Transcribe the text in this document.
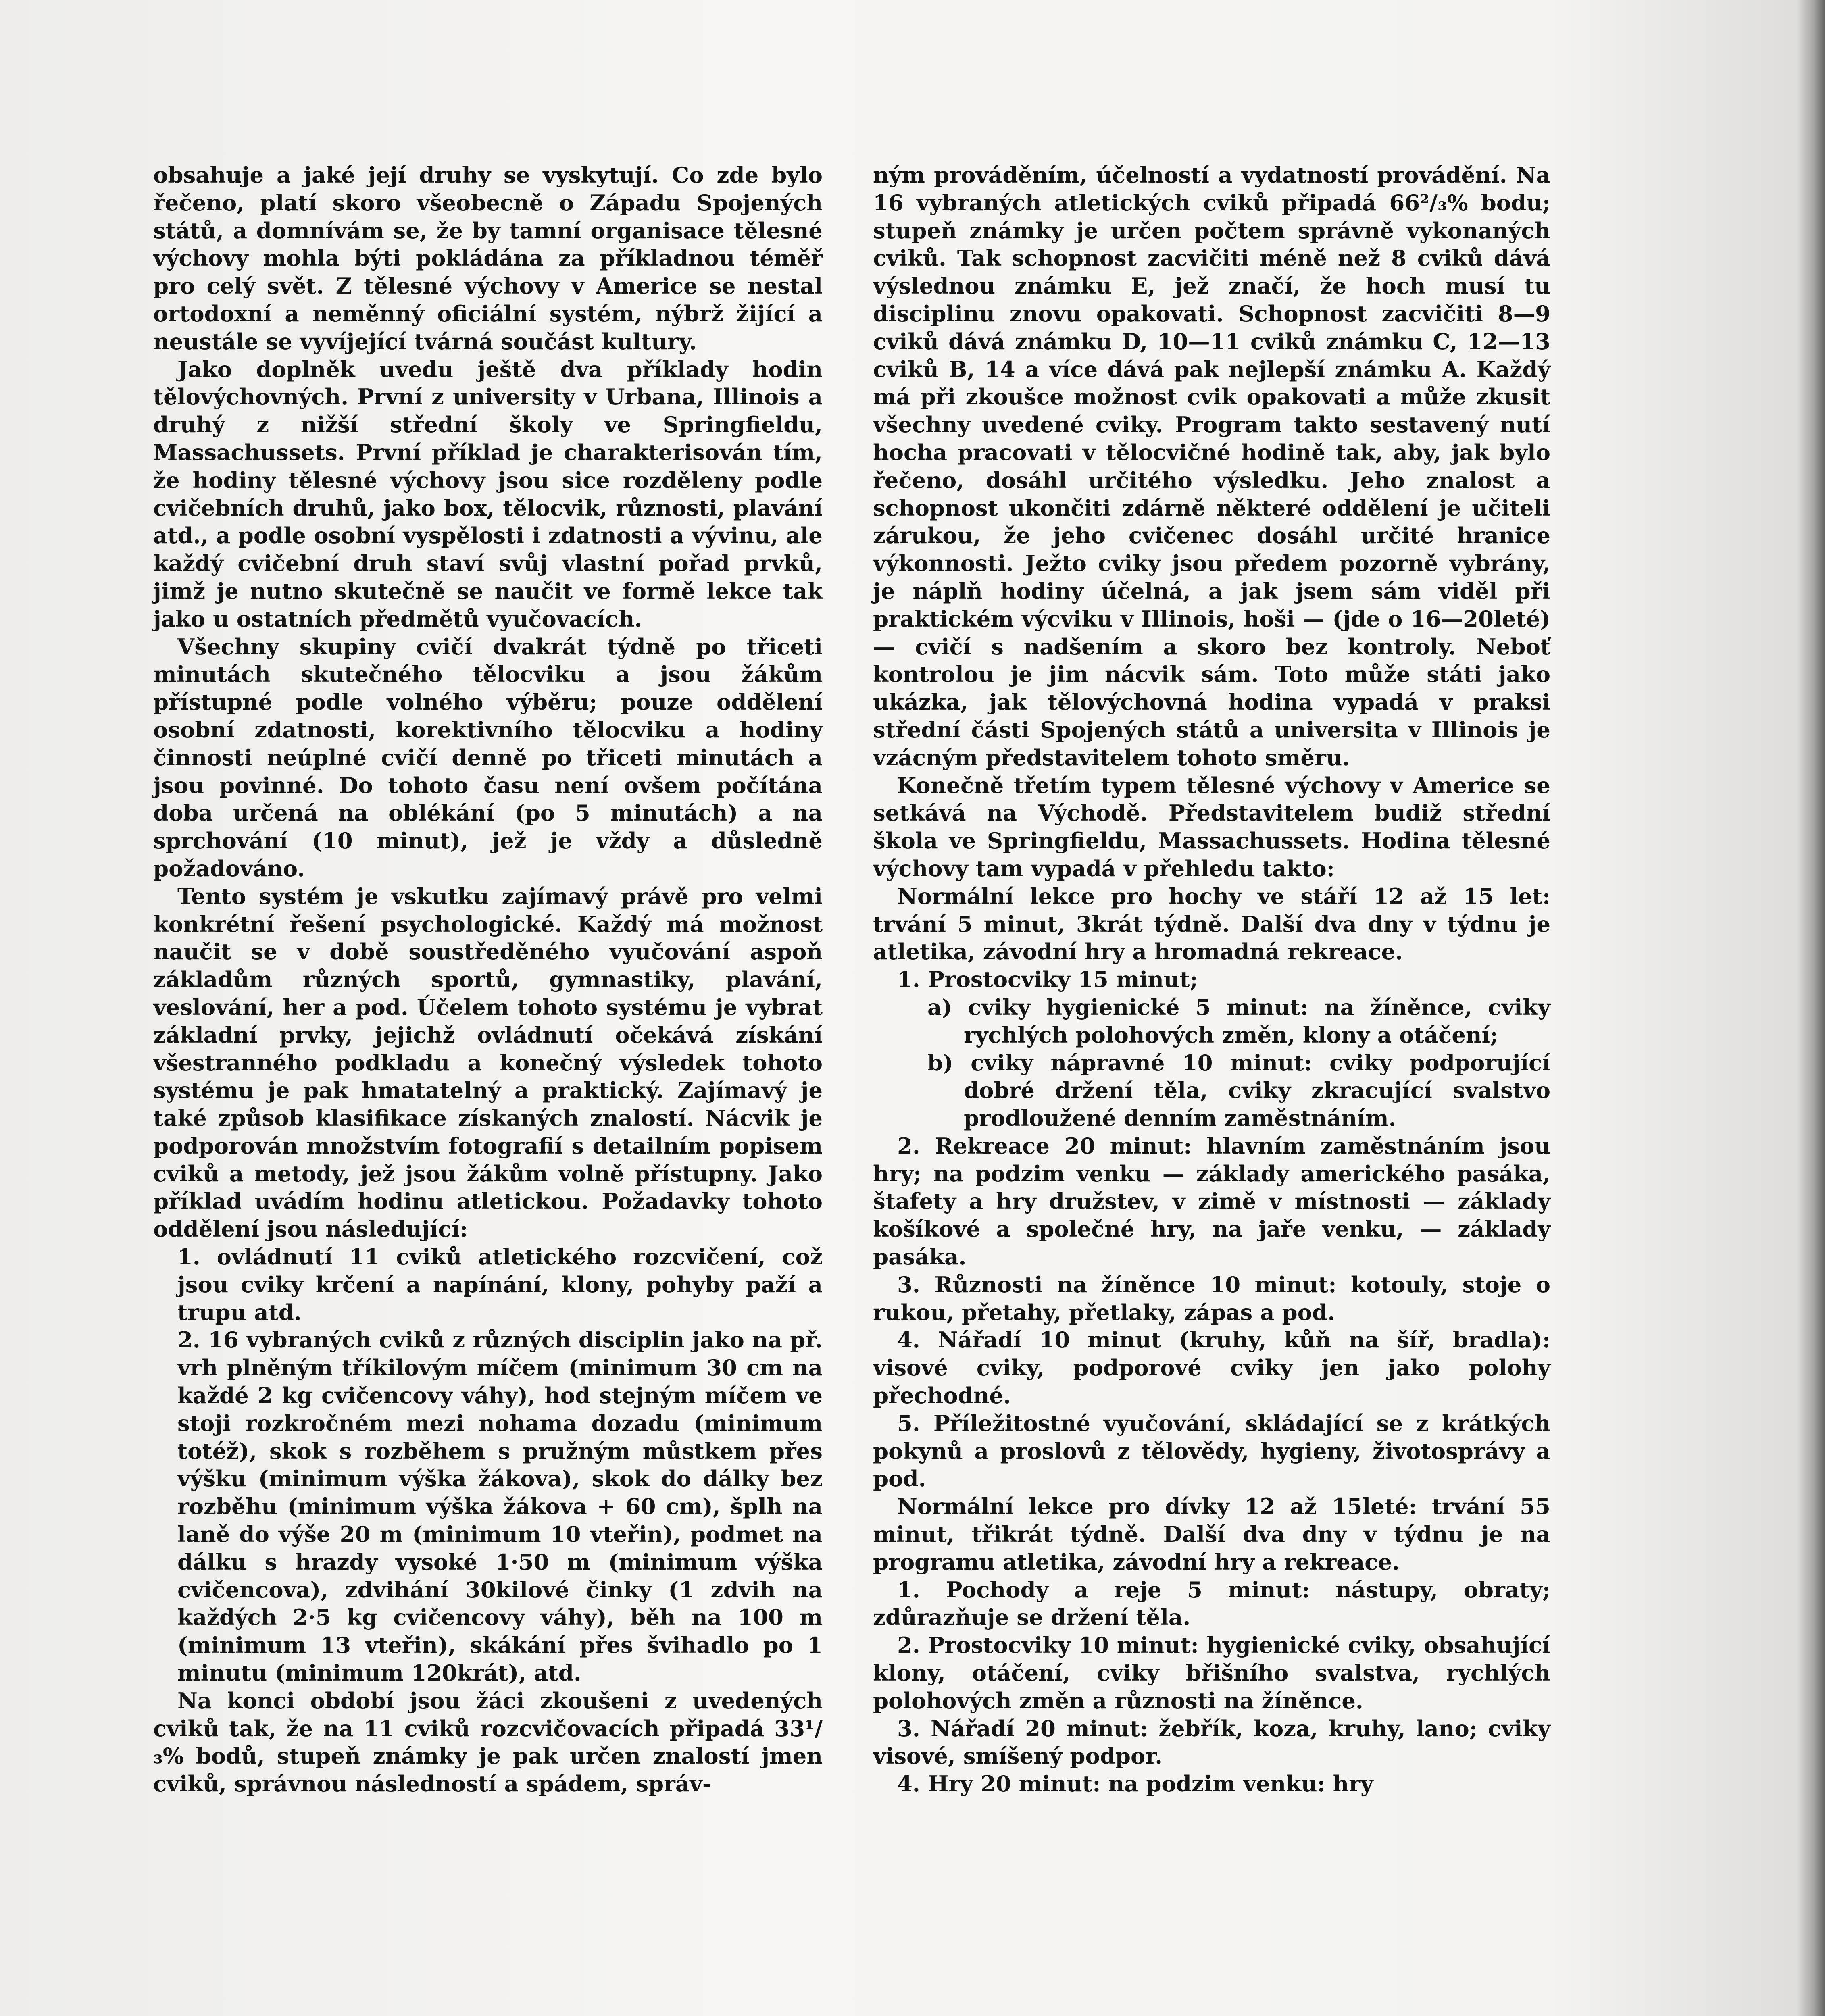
obsahuje a jaké její druhy se vyskytují. Co zde bylo řečeno, platí skoro všeobecně o Západu Spojených států, a domnívám se, že by tamní organisace tělesné výchovy mohla býti pokládána za příkladnou téměř pro celý svět. Z tělesné výchovy v Americe se nestal ortodoxní a neměnný oficiální systém, nýbrž žijící a neustále se vyvíjející tvárná součást kultury.

Jako doplněk uvedu ještě dva příklady hodin tělovýchovných. První z university v Urbana, Illinois a druhý z nižší střední školy ve Springfieldu, Massachussets. První příklad je charakterisován tím, že hodiny tělesné výchovy jsou sice rozděleny podle cvičebních druhů, jako box, tělocvik, různosti, plavání atd., a podle osobní vyspělosti i zdatnosti a vývinu, ale každý cvičební druh staví svůj vlastní pořad prvků, jimž je nutno skutečně se naučit ve formě lekce tak jako u ostatních předmětů vyučovacích.

Všechny skupiny cvičí dvakrát týdně po třiceti minutách skutečného tělocviku a jsou žákům přístupné podle volného výběru; pouze oddělení osobní zdatnosti, korektivního tělocviku a hodiny činnosti neúplné cvičí denně po třiceti minutách a jsou povinné. Do tohoto času není ovšem počítána doba určená na oblékání (po 5 minutách) a na sprchování (10 minut), jež je vždy a důsledně požadováno.

Tento systém je vskutku zajímavý právě pro velmi konkrétní řešení psychologické. Každý má možnost naučit se v době soustředěného vyučování aspoň základům různých sportů, gymnastiky, plavání, veslování, her a pod. Účelem tohoto systému je vybrat základní prvky, jejichž ovládnutí očekává získání všestranného podkladu a konečný výsledek tohoto systému je pak hmatatelný a praktický. Zajímavý je také způsob klasifikace získaných znalostí. Nácvik je podporován množstvím fotografií s detailním popisem cviků a metody, jež jsou žákům volně přístupny. Jako příklad uvádím hodinu atletickou. Požadavky tohoto oddělení jsou následující:

1. ovládnutí 11 cviků atletického rozcvičení, což jsou cviky krčení a napínání, klony, pohyby paží a trupu atd.

2. 16 vybraných cviků z různých disciplin jako na př. vrh plněným tříkilovým míčem (minimum 30 cm na každé 2 kg cvičencovy váhy), hod stejným míčem ve stoji rozkročném mezi nohama dozadu (minimum totéž), skok s rozběhem s pružným můstkem přes výšku (minimum výška žákova), skok do dálky bez rozběhu (minimum výška žákova + 60 cm), šplh na laně do výše 20 m (minimum 10 vteřin), podmet na dálku s hrazdy vysoké 1·50 m (minimum výška cvičencova), zdvihání 30kilové činky (1 zdvih na každých 2·5 kg cvičencovy váhy), běh na 100 m (minimum 13 vteřin), skákání přes švihadlo po 1 minutu (minimum 120krát), atd.

Na konci období jsou žáci zkoušeni z uvedených cviků tak, že na 11 cviků rozcvičovacích připadá 33¹/₃% bodů, stupeň známky je pak určen znalostí jmen cviků, správnou následností a spádem, správ-

ným prováděním, účelností a vydatností provádění. Na 16 vybraných atletických cviků připadá 66²/₃% bodu; stupeň známky je určen počtem správně vykonaných cviků. Tak schopnost zacvičiti méně než 8 cviků dává výslednou známku E, jež značí, že hoch musí tu disciplinu znovu opakovati. Schopnost zacvičiti 8—9 cviků dává známku D, 10—11 cviků známku C, 12—13 cviků B, 14 a více dává pak nejlepší známku A. Každý má při zkoušce možnost cvik opakovati a může zkusit všechny uvedené cviky. Program takto sestavený nutí hocha pracovati v tělocvičné hodině tak, aby, jak bylo řečeno, dosáhl určitého výsledku. Jeho znalost a schopnost ukončiti zdárně některé oddělení je učiteli zárukou, že jeho cvičenec dosáhl určité hranice výkonnosti. Ježto cviky jsou předem pozorně vybrány, je náplň hodiny účelná, a jak jsem sám viděl při praktickém výcviku v Illinois, hoši — (jde o 16—20leté) — cvičí s nadšením a skoro bez kontroly. Neboť kontrolou je jim nácvik sám. Toto může státi jako ukázka, jak tělovýchovná hodina vypadá v praksi střední části Spojených států a universita v Illinois je vzácným představitelem tohoto směru.

Konečně třetím typem tělesné výchovy v Americe se setkává na Východě. Představitelem budiž střední škola ve Springfieldu, Massachussets. Hodina tělesné výchovy tam vypadá v přehledu takto:

Normální lekce pro hochy ve stáří 12 až 15 let: trvání 5 minut, 3krát týdně. Další dva dny v týdnu je atletika, závodní hry a hromadná rekreace.

1. Prostocviky 15 minut;

a) cviky hygienické 5 minut: na žíněnce, cviky rychlých polohových změn, klony a otáčení;

b) cviky nápravné 10 minut: cviky podporující dobré držení těla, cviky zkracující svalstvo prodloužené denním zaměstnáním.

2. Rekreace 20 minut: hlavním zaměstnáním jsou hry; na podzim venku — základy amerického pasáka, štafety a hry družstev, v zimě v místnosti — základy košíkové a společné hry, na jaře venku, — základy pasáka.

3. Různosti na žíněnce 10 minut: kotouly, stoje o rukou, přetahy, přetlaky, zápas a pod.

4. Nářadí 10 minut (kruhy, kůň na šíř, bradla): visové cviky, podporové cviky jen jako polohy přechodné.

5. Příležitostné vyučování, skládající se z krátkých pokynů a proslovů z tělovědy, hygieny, životosprávy a pod.

Normální lekce pro dívky 12 až 15leté: trvání 55 minut, třikrát týdně. Další dva dny v týdnu je na programu atletika, závodní hry a rekreace.

1. Pochody a reje 5 minut: nástupy, obraty; zdůrazňuje se držení těla.

2. Prostocviky 10 minut: hygienické cviky, obsahující klony, otáčení, cviky břišního svalstva, rychlých polohových změn a různosti na žíněnce.

3. Nářadí 20 minut: žebřík, koza, kruhy, lano; cviky visové, smíšený podpor.

4. Hry 20 minut: na podzim venku: hry
